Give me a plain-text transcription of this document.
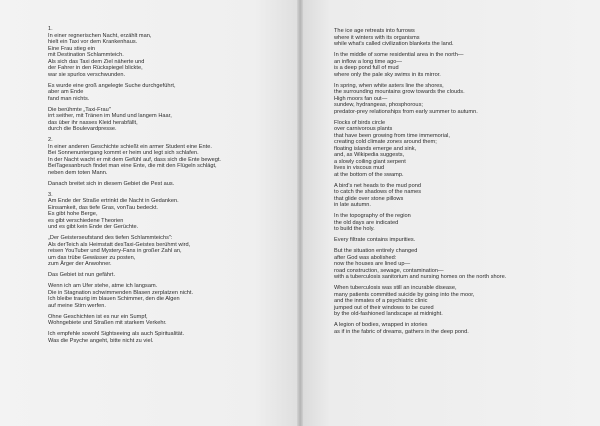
1.
In einer regnerischen Nacht, erzählt man,
hielt ein Taxi vor dem Krankenhaus.
Eine Frau stieg ein
mit Destination Schlammteich.
Als sich das Taxi dem Ziel näherte und
der Fahrer in den Rückspiegel blickte,
war sie spurlos verschwunden.
Es wurde eine groß angelegte Suche durchgeführt,
aber am Ende
fand man nichts.
Die berühmte „Taxi-Frau"
irrt seither, mit Tränen im Mund und langem Haar,
das über ihr nasses Kleid herabfällt,
durch die Boulevardpresse.
2.
In einer anderen Geschichte schießt ein armer Student eine Ente.
Bei Sonnenuntergang kommt er heim und legt sich schlafen.
In der Nacht wacht er mit dem Gefühl auf, dass sich die Ente bewegt.
BeiTagesanbruch findet man eine Ente, die mit den Flügeln schlägt,
neben dem toten Mann.
Danach breitet sich in diesem Gebiet die Pest aus.
3.
Am Ende der Straße ertrinkt die Nacht in Gedanken.
Einsamkeit, das tiefe Gras, vonTau bedeckt.
Es gibt hohe Berge,
es gibt verschiedene Theorien
und es gibt kein Ende der Gerüchte.
„Der Geisterseufstand des tiefen Schlammteichs":
Als derTeich als Heimstatt desTaxi-Geistes berühmt wird,
reisen YouTuber und Mystery-Fans in großer Zahl an,
um das trübe Gewässer zu posten,
zum Ärger der Anwohner.
Das Gebiet ist nun gefährt.
Wenn ich am Ufer stehe, atme ich langsam.
Die in Stagnation schwimmenden Blasen zerplatzen nicht.
Ich bleibe traurig im blauen Schimmer, den die Algen
auf meine Stirn werfen.
Ohne Geschichten ist es nur ein Sumpf,
Wohngebiete und Straßen mit starkem Verkehr.
Ich empfehle sowohl Sightseeing als auch Spiritualität.
Was die Psyche angeht, bitte nicht zu viel.
The ice age retreats into furrows
where it winters with its organisms
while what's called civilization blankets the land.
In the middle of some residential area in the north—
an inflow a long time ago—
is a deep pond full of mud
where only the pale sky swims in its mirror.
In spring, when white asters line the shores,
the surrounding mountains grow towards the clouds.
High moors fan out—
sundew, hydrangeas, phosphorous;
predator-prey relationships from early summer to autumn.
Flocks of birds circle
over carnivorous plants
that have been growing from time immemorial,
creating cold climate zones around them;
floating islands emerge and sink,
and, as Wikipedia suggests,
a slowly coiling giant serpent
lives in viscous mud
at the bottom of the swamp.
A bird's net heads to the mud pond
to catch the shadows of the names
that glide over stone pillows
in late autumn.
In the topography of the region
the old days are indicated
to build the holy.
Every filtrate contains impurities.
But the situation entirely changed
after God was abolished:
now the houses are lined up—
road construction, sewage, contamination—
with a tuberculosis sanitorium and nursing homes on the north shore.
When tuberculosis was still an incurable disease,
many patients committed suicide by going into the moor,
and the inmates of a psychiatric clinic
jumped out of their windows to be cured
by the old-fashioned landscape at midnight.
A legion of bodies, wrapped in stories
as if in the fabric of dreams, gathers in the deep pond.
